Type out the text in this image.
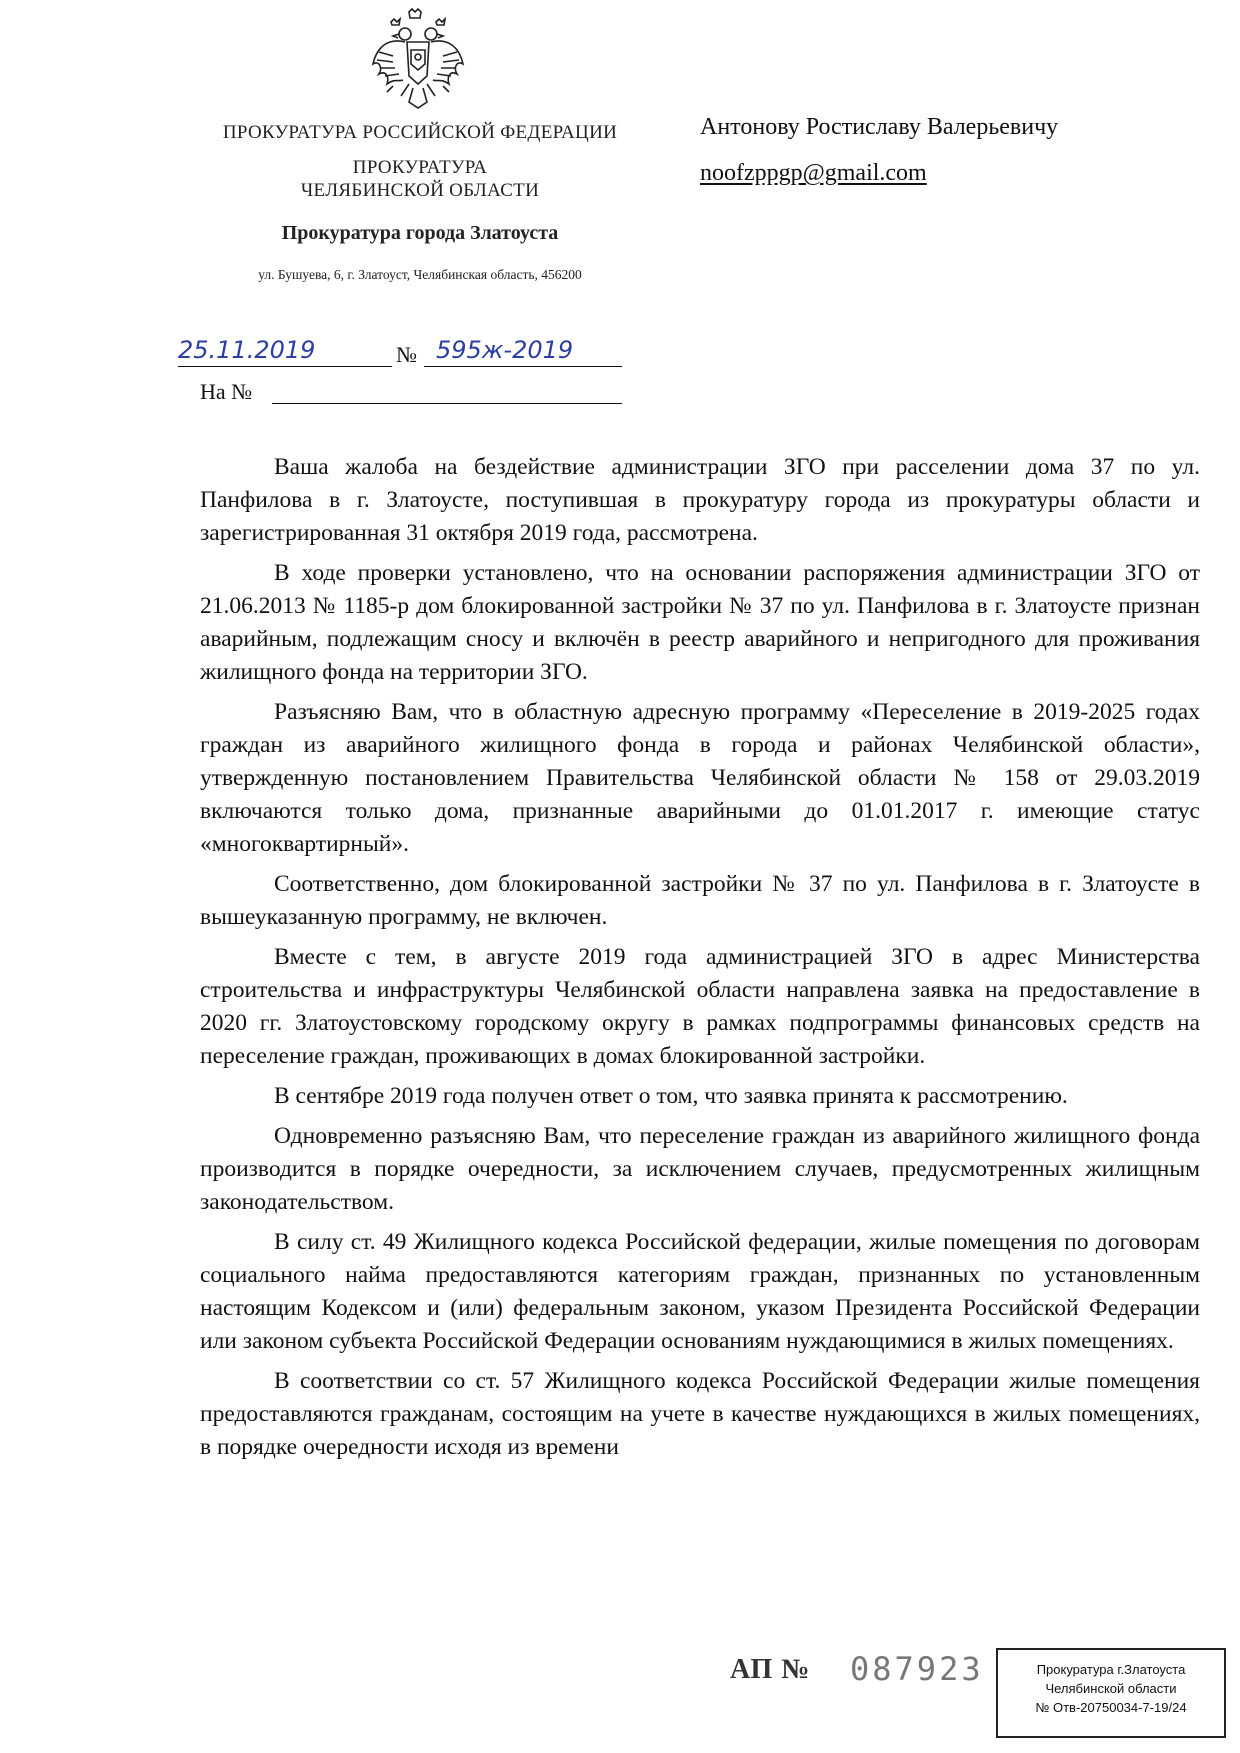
ПРОКУРАТУРА РОССИЙСКОЙ ФЕДЕРАЦИИ
ПРОКУРАТУРА
ЧЕЛЯБИНСКОЙ ОБЛАСТИ
Прокуратура города Златоуста
ул. Бушуева, 6, г. Златоуст, Челябинская область, 456200
Антонову Ростиславу Валерьевичу
noofzppgp@gmail.com
25.11.2019	№ 595ж-2019
На №

Ваша жалоба на бездействие администрации ЗГО при расселении дома 37 по ул. Панфилова в г. Златоусте, поступившая в прокуратуру города из прокуратуры области и зарегистрированная 31 октября 2019 года, рассмотрена.

В ходе проверки установлено, что на основании распоряжения администрации ЗГО от 21.06.2013 № 1185-р дом блокированной застройки № 37 по ул. Панфилова в г. Златоусте признан аварийным, подлежащим сносу и включён в реестр аварийного и непригодного для проживания жилищного фонда на территории ЗГО.

Разъясняю Вам, что в областную адресную программу «Переселение в 2019-2025 годах граждан из аварийного жилищного фонда в города и районах Челябинской области», утвержденную постановлением Правительства Челябинской области № 158 от 29.03.2019 включаются только дома, признанные аварийными до 01.01.2017 г. имеющие статус «многоквартирный».

Соответственно, дом блокированной застройки № 37 по ул. Панфилова в г. Златоусте в вышеуказанную программу, не включен.

Вместе с тем, в августе 2019 года администрацией ЗГО в адрес Министерства строительства и инфраструктуры Челябинской области направлена заявка на предоставление в 2020 гг. Златоустовскому городскому округу в рамках подпрограммы финансовых средств на переселение граждан, проживающих в домах блокированной застройки.

В сентябре 2019 года получен ответ о том, что заявка принята к рассмотрению.

Одновременно разъясняю Вам, что переселение граждан из аварийного жилищного фонда производится в порядке очередности, за исключением случаев, предусмотренных жилищным законодательством.

В силу ст. 49 Жилищного кодекса Российской федерации, жилые помещения по договорам социального найма предоставляются категориям граждан, признанных по установленным настоящим Кодексом и (или) федеральным законом, указом Президента Российской Федерации или законом субъекта Российской Федерации основаниям нуждающимися в жилых помещениях.

В соответствии со ст. 57 Жилищного кодекса Российской Федерации жилые помещения предоставляются гражданам, состоящим на учете в качестве нуждающихся в жилых помещениях, в порядке очередности исходя из времени

АП № 087923	Прокуратура г.Златоуста
Челябинской области
№ Отв-20750034-7-19/24
